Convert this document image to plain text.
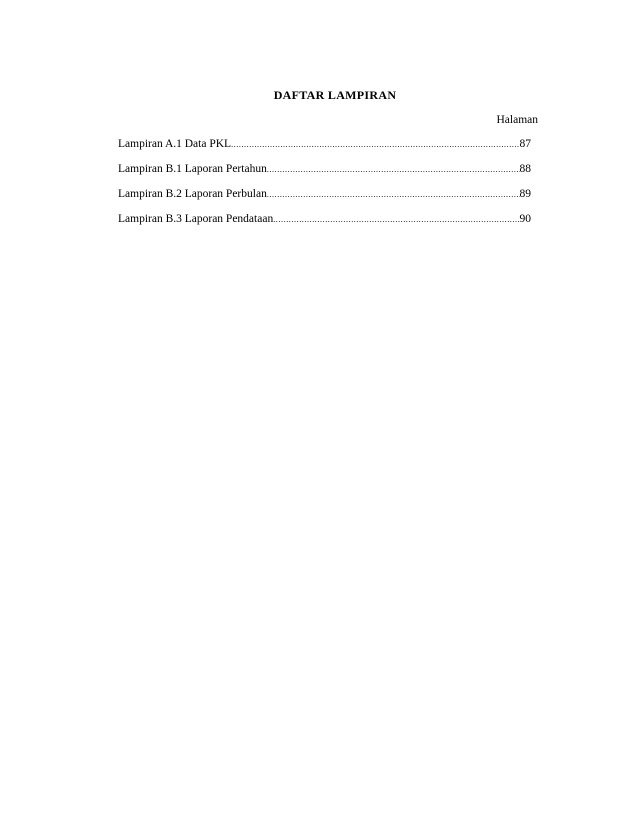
DAFTAR LAMPIRAN
Halaman
Lampiran A.1 Data PKL .....	87
Lampiran B.1 Laporan Pertahun .....	88
Lampiran B.2 Laporan Perbulan .....	89
Lampiran B.3 Laporan Pendataan .....	90
